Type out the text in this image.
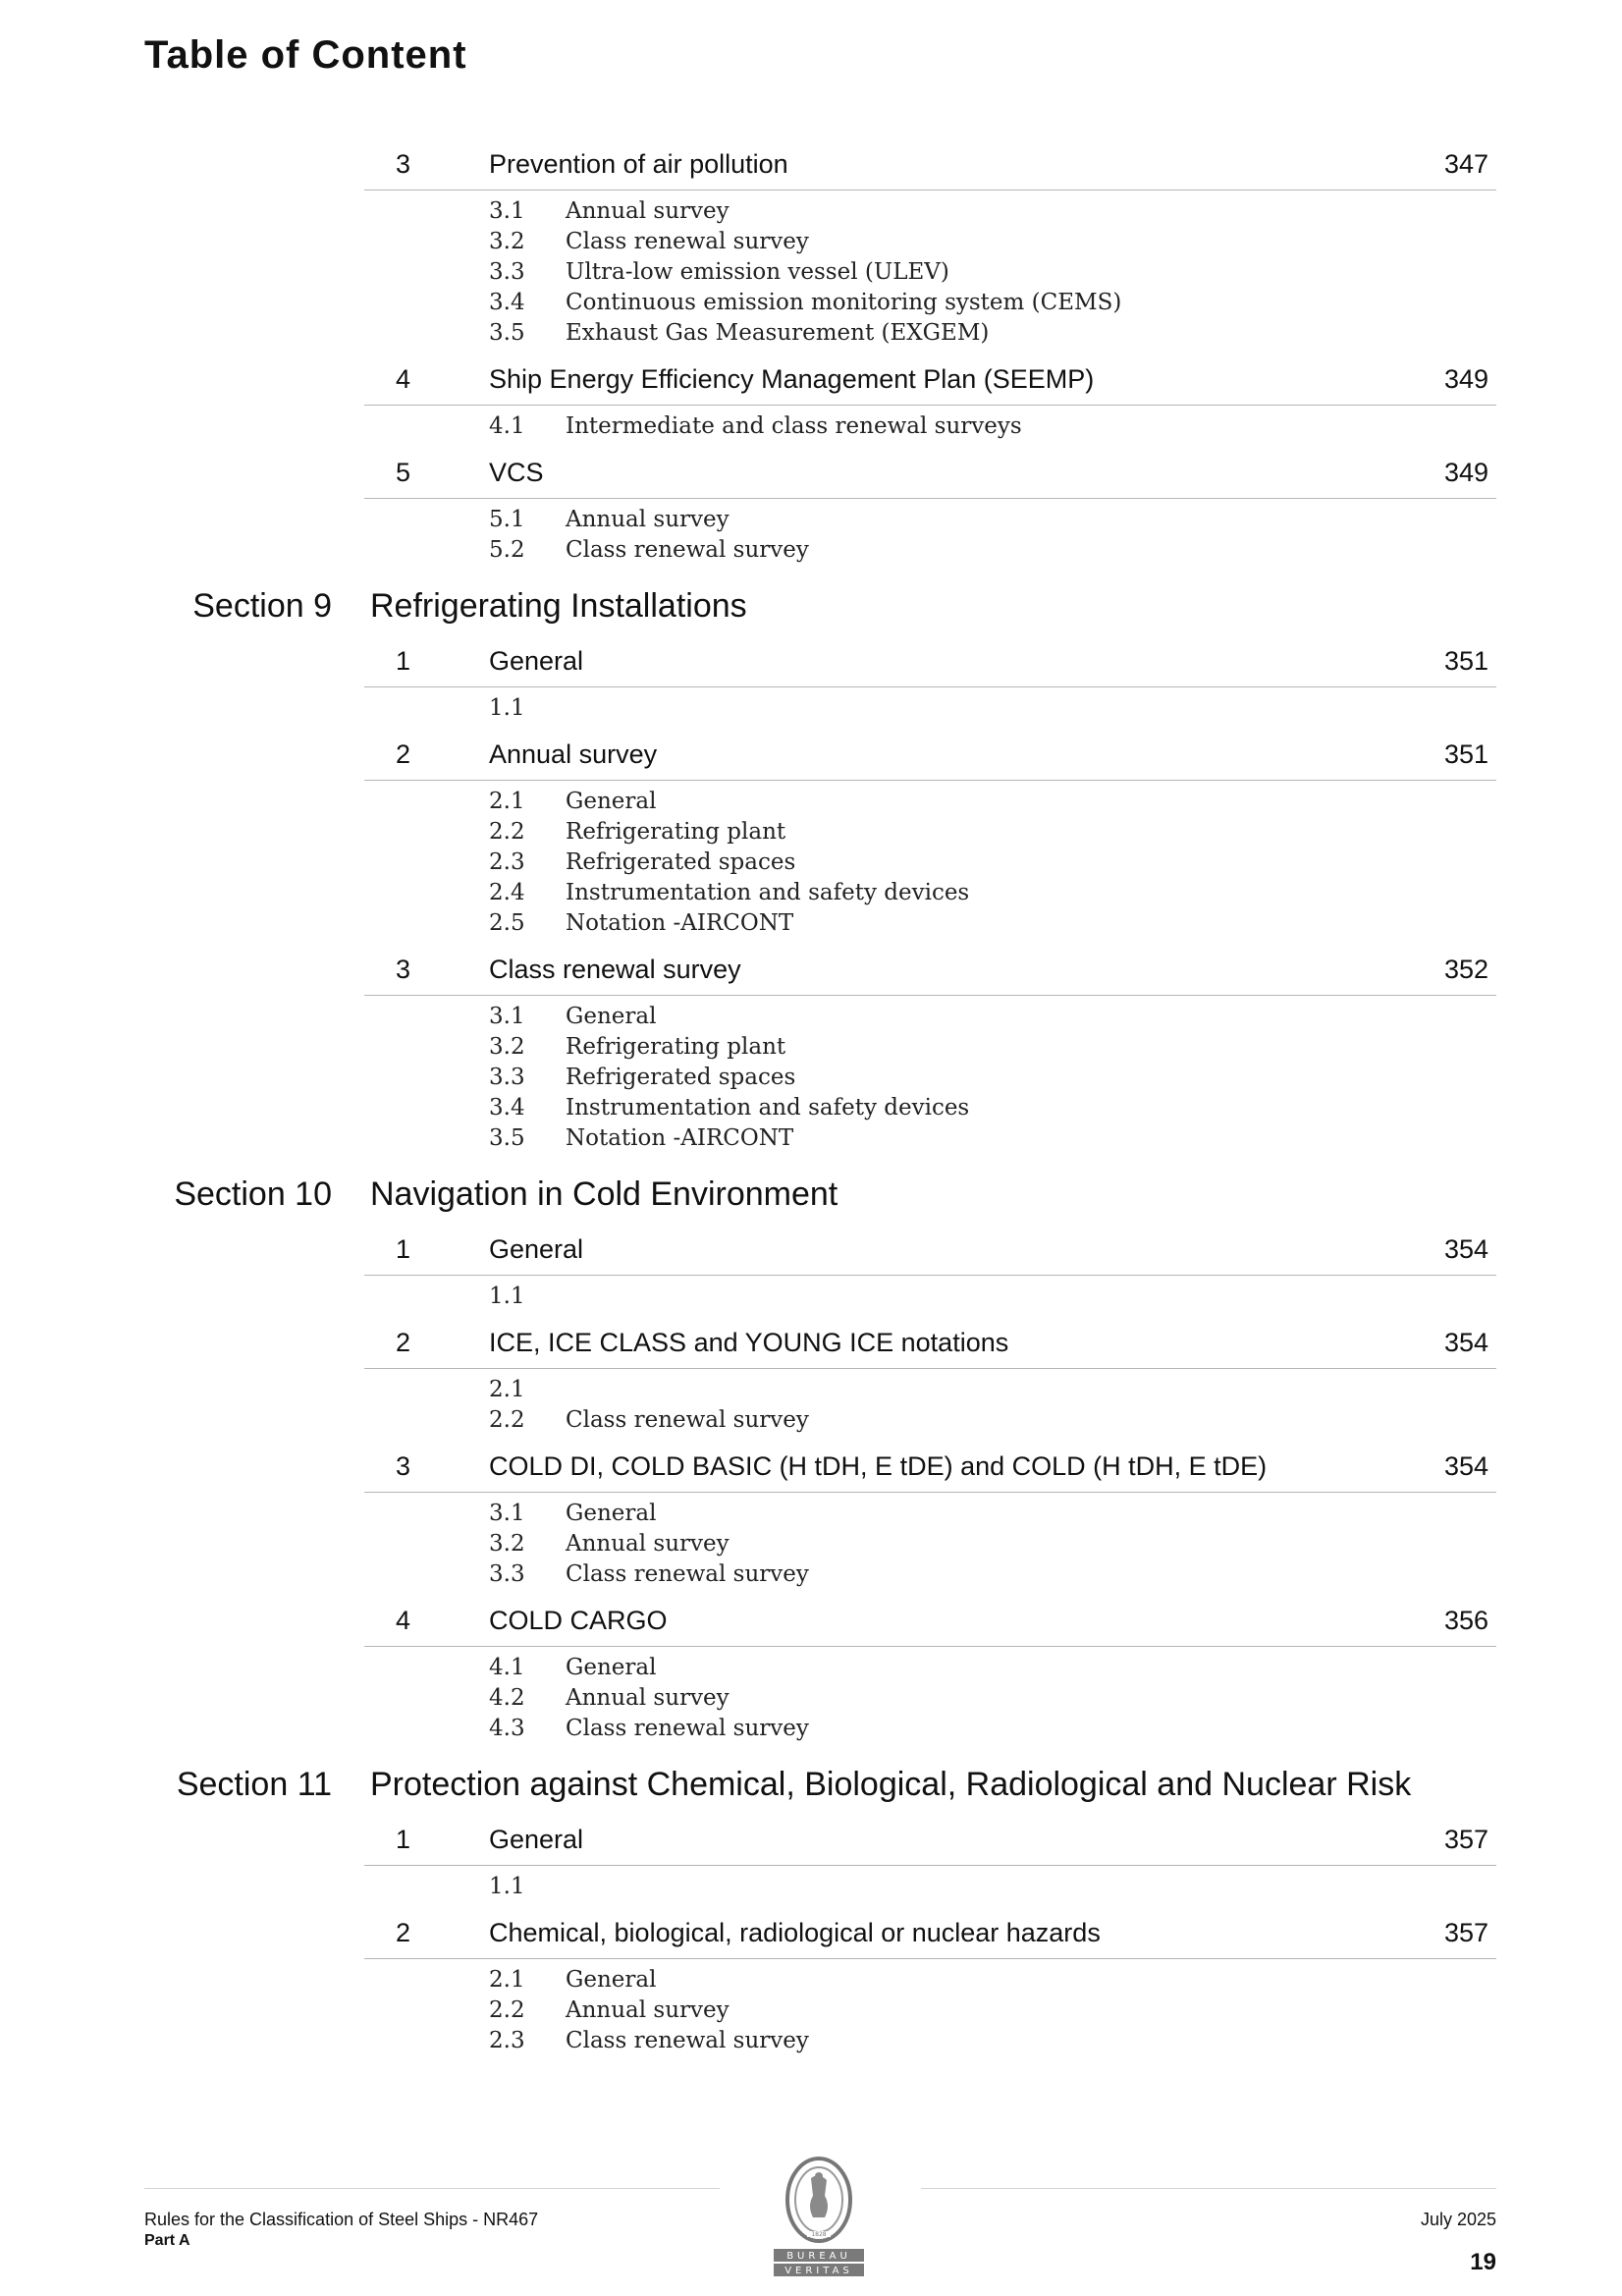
Table of Content
3	Prevention of air pollution	347
3.1 Annual survey
3.2 Class renewal survey
3.3 Ultra-low emission vessel (ULEV)
3.4 Continuous emission monitoring system (CEMS)
3.5 Exhaust Gas Measurement (EXGEM)
4	Ship Energy Efficiency Management Plan (SEEMP)	349
4.1 Intermediate and class renewal surveys
5	VCS	349
5.1 Annual survey
5.2 Class renewal survey
Section 9 Refrigerating Installations
1	General	351
1.1
2	Annual survey	351
2.1 General
2.2 Refrigerating plant
2.3 Refrigerated spaces
2.4 Instrumentation and safety devices
2.5 Notation -AIRCONT
3	Class renewal survey	352
3.1 General
3.2 Refrigerating plant
3.3 Refrigerated spaces
3.4 Instrumentation and safety devices
3.5 Notation -AIRCONT
Section 10 Navigation in Cold Environment
1	General	354
1.1
2	ICE, ICE CLASS and YOUNG ICE notations	354
2.1
2.2 Class renewal survey
3	COLD DI, COLD BASIC (H tDH, E tDE) and COLD (H tDH, E tDE)	354
3.1 General
3.2 Annual survey
3.3 Class renewal survey
4	COLD CARGO	356
4.1 General
4.2 Annual survey
4.3 Class renewal survey
Section 11 Protection against Chemical, Biological, Radiological and Nuclear Risk
1	General	357
1.1
2	Chemical, biological, radiological or nuclear hazards	357
2.1 General
2.2 Annual survey
2.3 Class renewal survey
Rules for the Classification of Steel Ships - NR467
Part A
July 2025
19
1828
BUREAU
VERITAS
